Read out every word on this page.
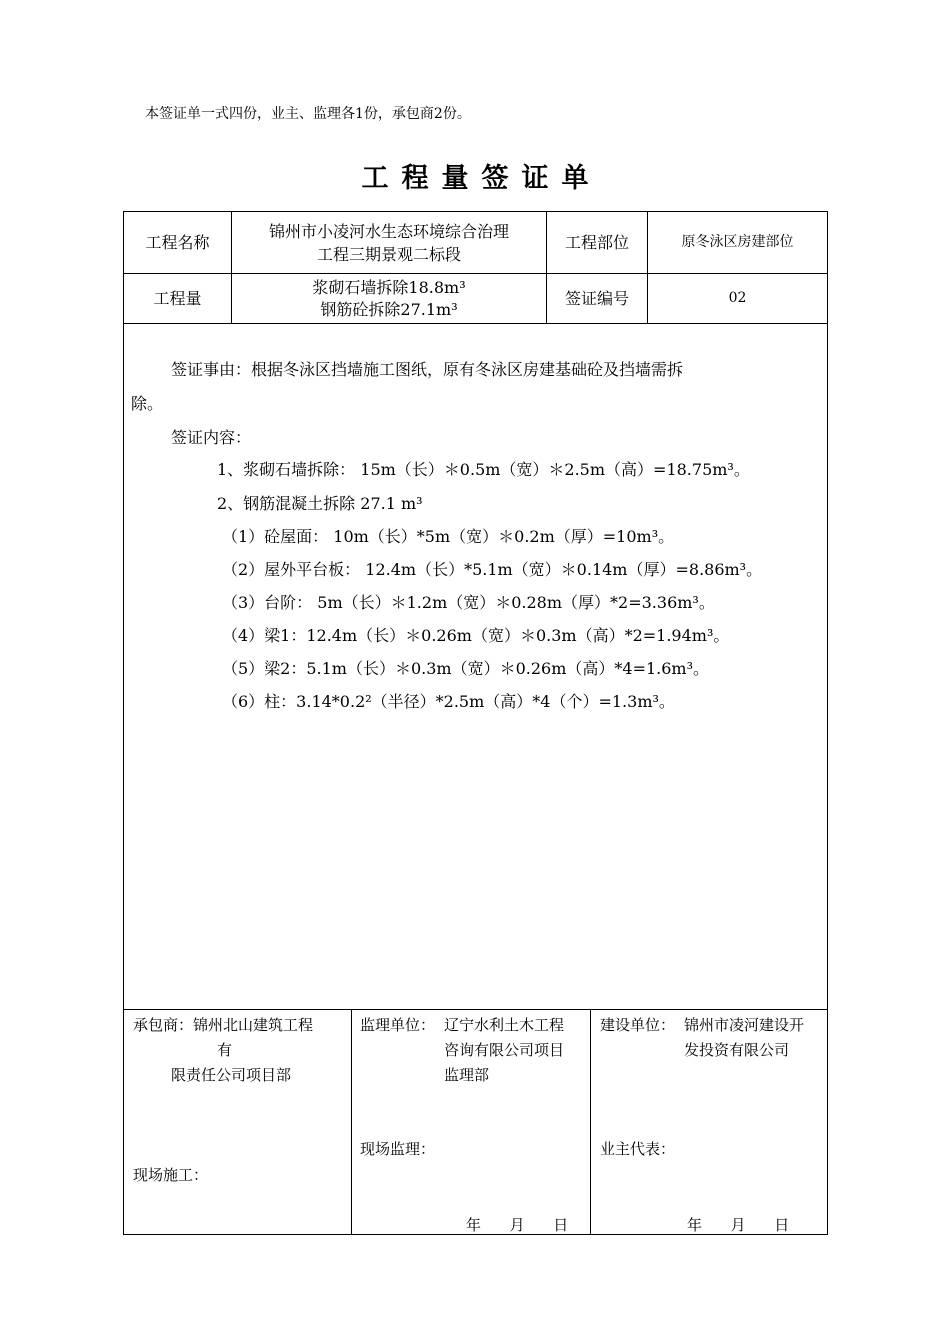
本签证单一式四份，业主、监理各1份，承包商2份。
工程量签证单
工程名称
锦州市小凌河水生态环境综合治理
工程三期景观二标段
工程部位	原冬泳区房建部位
工程量
浆砌石墙拆除18.8m³
钢筋砼拆除27.1m³
签证编号	02
签证事由：根据冬泳区挡墙施工图纸，原有冬泳区房建基础砼及挡墙需拆
除。
签证内容：
1、浆砌石墙拆除： 15m（长）＊0.5m（宽）＊2.5m（高）=18.75m³。
2、钢筋混凝土拆除 27.1 m³
（1）砼屋面： 10m（长）*5m（宽）＊0.2m（厚）=10m³。
（2）屋外平台板： 12.4m（长）*5.1m（宽）＊0.14m（厚）=8.86m³。
（3）台阶： 5m（长）＊1.2m（宽）＊0.28m（厚）*2=3.36m³。
（4）梁1：12.4m（长）＊0.26m（宽）＊0.3m（高）*2=1.94m³。
（5）梁2：5.1m（长）＊0.3m（宽）＊0.26m（高）*4=1.6m³。
（6）柱：3.14*0.2²（半径）*2.5m（高）*4（个）=1.3m³。
承包商：锦州北山建筑工程
有
限责任公司项目部
现场施工：
监理单位： 辽宁水利土木工程
咨询有限公司项目
监理部
现场监理：
年      月      日
建设单位： 锦州市凌河建设开
发投资有限公司
业主代表：
年      月      日
